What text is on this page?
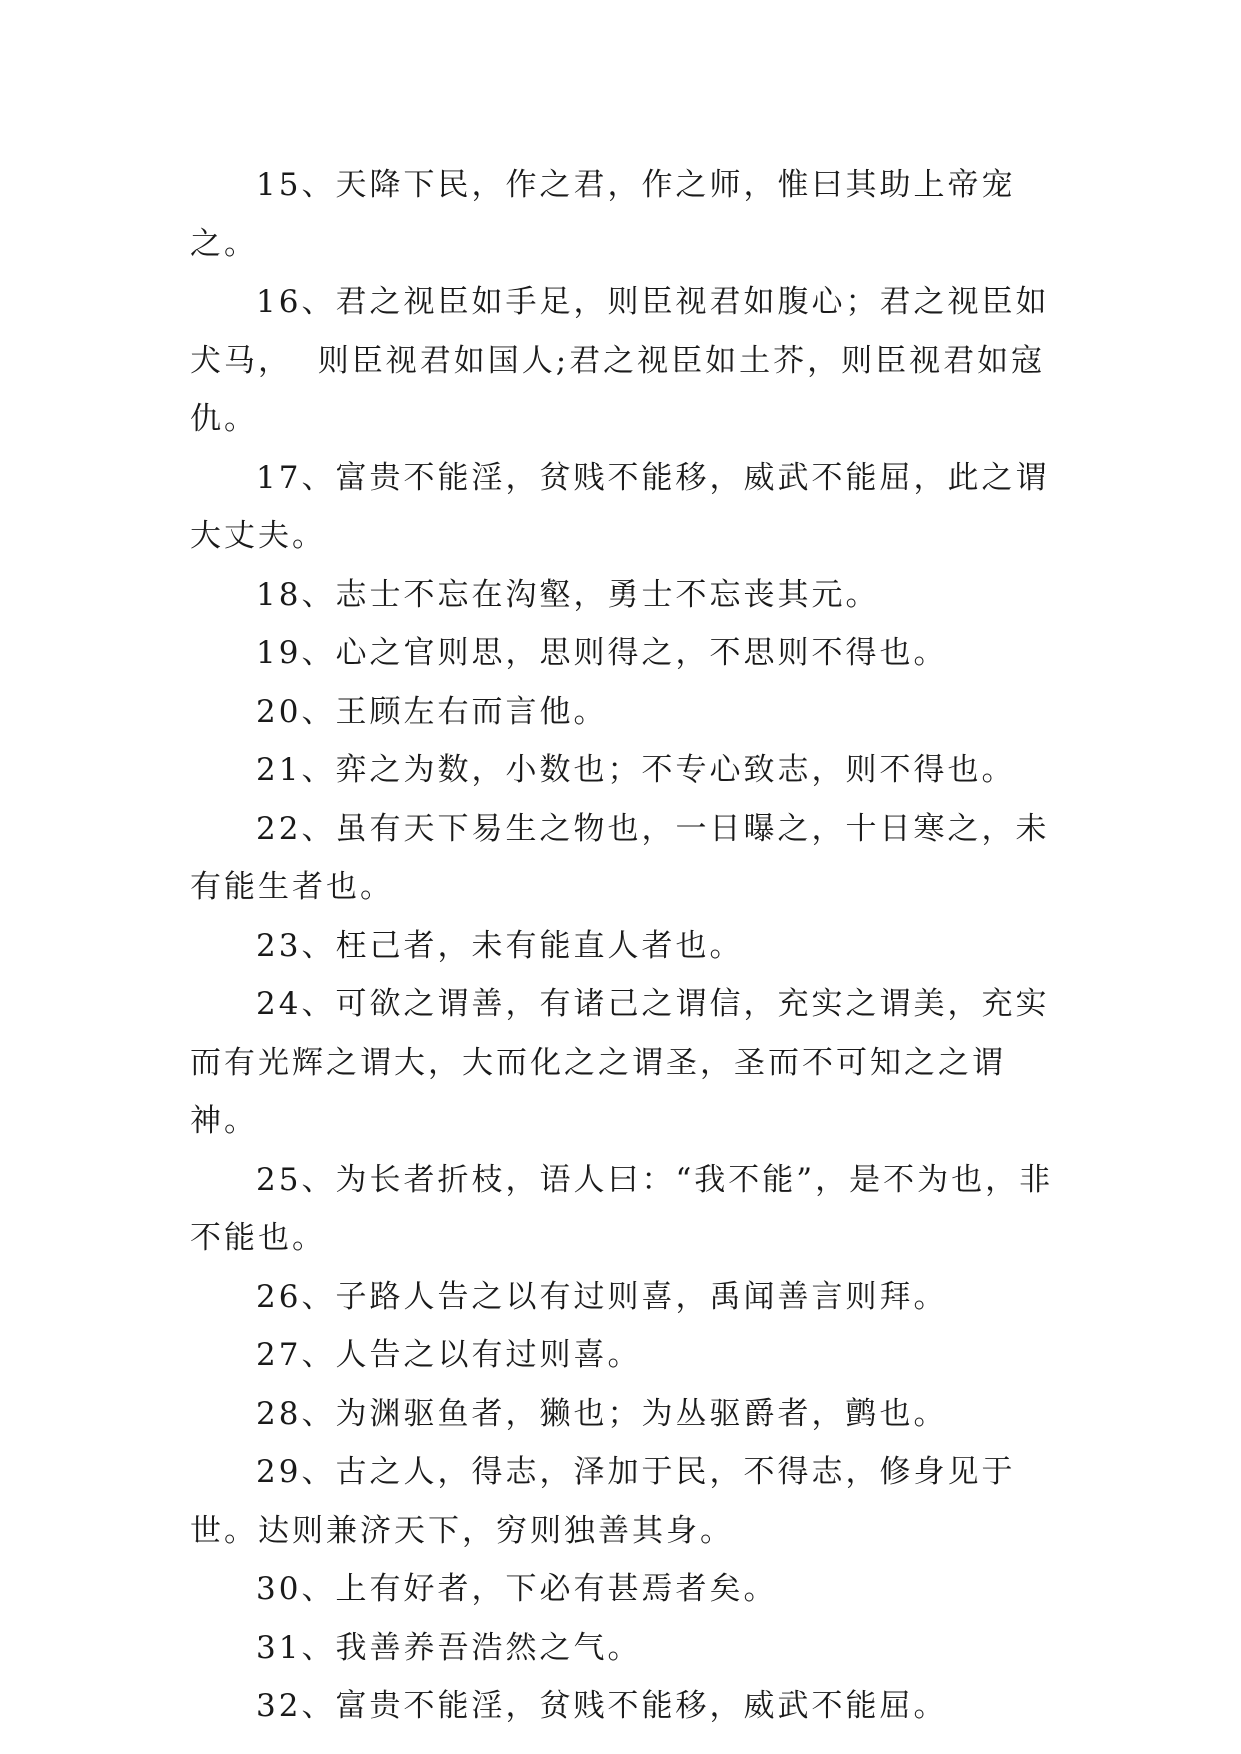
15、天降下民，作之君，作之师，惟曰其助上帝宠之。

16、君之视臣如手足，则臣视君如腹心；君之视臣如犬马，  则臣视君如国人;君之视臣如土芥，则臣视君如寇仇。

17、富贵不能淫，贫贱不能移，威武不能屈，此之谓大丈夫。

18、志士不忘在沟壑，勇士不忘丧其元。

19、心之官则思，思则得之，不思则不得也。

20、王顾左右而言他。

21、弈之为数，小数也；不专心致志，则不得也。

22、虽有天下易生之物也，一日曝之，十日寒之，未有能生者也。

23、枉己者，未有能直人者也。

24、可欲之谓善，有诸己之谓信，充实之谓美，充实而有光辉之谓大，大而化之之谓圣，圣而不可知之之谓神。

25、为长者折枝，语人曰：“我不能”，是不为也，非不能也。

26、子路人告之以有过则喜，禹闻善言则拜。

27、人告之以有过则喜。

28、为渊驱鱼者，獭也；为丛驱爵者，鹯也。

29、古之人，得志，泽加于民，不得志，修身见于世。达则兼济天下，穷则独善其身。

30、上有好者，下必有甚焉者矣。

31、我善养吾浩然之气。

32、富贵不能淫，贫贱不能移，威武不能屈。
